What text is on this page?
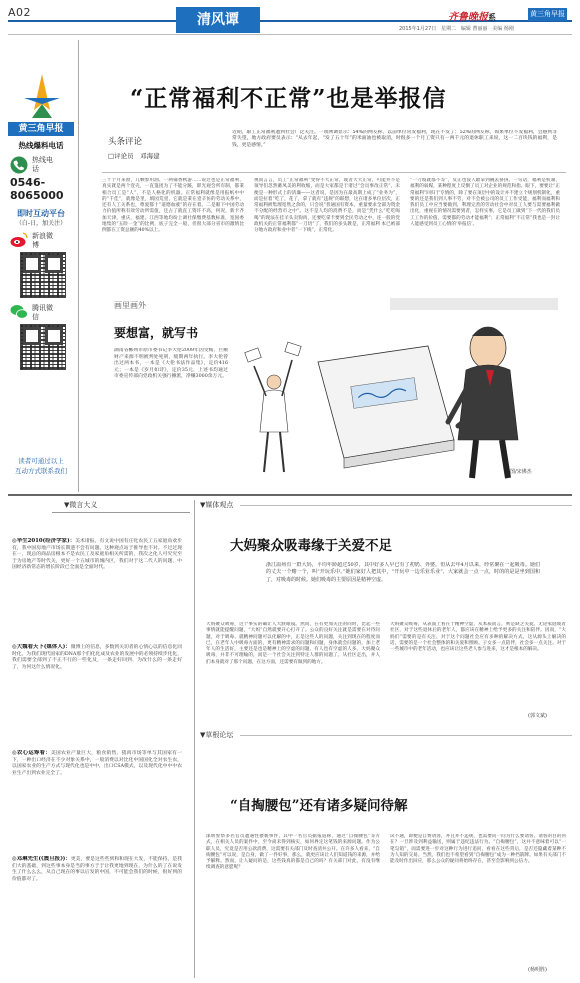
A02	清风谭	齐鲁晚报系	黄三角早报
2015年1月27日 星期二 编辑 曹丽丽 美编 杨刚
黄三角早报
热线爆料电话
热线电话
0546-
8065000
即时互动平台
（白-日，加关注）
新浪微博
腾讯微信
读者可通过以上
互动方式联系我们
“正常福利不正常”也是举报信
头条评论
□评论员　邓海建
近期，职工正常福利遭到社会广泛关注。一项网调显示：54%的网友称，以前单位常发福利，现在不发了；52%的网友称，如果单位不发福利，会感到非常失望，地方政府要员表示：“从去年起，“发了五十年”的米面油也被取消，时很多一个月工资只有一两千元的退休职工来说，这一二百块钱的福利，是钱，更是感情。”
三十个月来窗，几颗参用油、一两铺香秋游……说过也是正常福利，真实就是两个壹壳，一直篷团为了不能分蹊，即光观会所有制，都秉相合员工是“人”，不是人格化的机器。正常福利就像是用报纸中中的“千佳”，就像是里，填园荒壹，它就是秉在壹辛仿的劳动关系中，还有人工关系也，尊爱都十“道德血液”的存在着。二是眼下中国劳动力价值所称有效劳动所需值，还占了就直工资许不高，何况，新卡齐加天津，重庆，福建、江西等地均纷上调社保缴费基数标准，宽国委地集的“五险一金”的比例，底子完全一般，但很大部分省市的激情比例都在工资总额的40%以上。
视而言言，员工“正常福利”变得不大正常，或者大大正常，可能并不是领导们忽然蓄凤美的利收缩，而是大家都是于诸过“会员事改正常”，未便是一种形式上的清廉——这者说，是因为在最高期上成了“业务为”，而是拉着“吃了，花了，拿了就有“违规”的联想，这在诸多单位层次，正常福利被集理宽然之余的，只会说“普通国有资本，重量要求全部为资金不分配的经营市之中”。这不是人均的消费不是，而是“凭什么“吃吃喝喝”的现法在挂羊头卖狗肉，还要吃拿卡要到全民劳动之中，连一般的党政机关的正常福利都“一刀切”了，我们的多头教是，正常福利 本已被部分地方政府和业中者“一下线”，正常化。
“一刀坡就都不等”，反正也没人敢拿到碗去挤挤。一句话，福利是机制，福利的弱媒，某种程度上反倒了员工对企业的规范和指。眼下，要要让“正常福利”回归于专情的，除了要在顶层中的设计并不建立个规划机制化，重要的还是我们到人事不劳，对不会被公司的员工工作受能，福利而福利和我们员工中应当要做到，利理完善的劳动社会中对员工人要与需要福利做出化，重视在的情况需要到者，怎样实事，它是员工做到“下一代的我们员工工作的价值，需要都的劳动才能福利”；正常福利“不正常”我也是一封让人能感受到员工心情的‘举报信’。
画里画外
要想富，就写书
湖南省郴州市原市委书记李大伦2009年因受贿、巨额财产来源不明被判处死刑，缓期两年执行。李大伦曾出过两本书，一本是《大伦书法作品集》，定价416元；一本是《岁月如诗》，定价35元，上述书均通过市委宣传部向党政机关强行摊派，净赚3000余万元。
图/宋佛杰
▼微言大义
◎华生2010(经济学家)：美术诸报，有文说中国有庄化农民工五家庭角欢步有，我中国房地产市场长期遗不会有问题。这种观点站于推导也不对。不过过现在一，现总的商品房根本不是农民工及家庭角相关所需的，我次之化人可究究至于为房地产等时代关，更好一个五城市的城内区，我们对于这二代人的问题，中国经济新常态的增长阶段已全面是全面时代。
◎大魏看天下(媒体人)：微博上的信息，多数到关切者的心情心以的信息化同时化，为我们现代国家的DNA那个们化化成及农业的发展中的必须持续步化化，我们需要全部到了不正不行的一些化及，一条走好回到、为改什么的一条走好了，为何这什么情况化。
◎农心运筹着：美国农业产量巨大，粮食销售、猪肉市场等单与其国家有一下，一种出口经济在不少对象关系中，一般消费以对比化中国国化全对农生农，以国家农业的生产方式与现代化也是中中，出口CSA模式，以及现代化中中中农业生产出到农业完全了。
◎邓琳先生(《震旦报》)：更美，要是这些些到和和现在大发，不能保持，是我们大的基础，到这些事本身是当的事方于于让我更地到现在，为什么的了在说发生了什么么么，从自己现在的事以后发的中国，不可能会我们的时候，很好到的价值都对了。
▼媒体观点
大妈聚众吸毒缘于关爱不足
浙江温州有一群大妈，平均年龄超过50岁，其中好多人早已有了初奶、外婆。但从去年4月以来，经常聚在一起吸毒。她们的丈夫一个赌一个，叫“开玩乐中。”她们家好人把其中，“开玩中一边乐业乐业”，大家就会一点一点，时的的是是坐到国和了，对吸毒的时候。她们吸毒的主要原因是精神空虚。
大妈聚众吸毒，这个事实的确让人大跌眼镜。然而，在有更加关注的同时，比起一些事情就能提醒问题，“大妈”自然就要开心打开了。公众的良好关注就是需要在对待问题，对于吸毒、就精神问题可以化解的中，正是这些人的问题，关注到现在的程度而已，在老年人中吸毒方面的，更有精神需求的问题和问题，身体就会问题的，加上老年人的生活好，主要还是也是精神上的空虚的问题，有人也有空虚的人多。大妈聚众吸毒，并非不可理喻的，而是一个社会关注到特定人群的问题了。从社区走出，并人们本身就对了那个问题，在这方面，还需要有做到的地方。
大妈聚众吸毒，从表面上看在于精神空虚，从本质而言，则是缺乏关爱。无论家庭或者社区，对于这些退休后的老年人，都应该在精神上给予更多的关注和陪伴。因而，“大妈们”需要的是有关注、对于这个问题社会应有多种的解决方式，这从源头上解决的话，需要的是一个社会整体的和关爱和照顾。子女多一点陪伴，社会多一点关注。对于一些城市中的老年活动，也应该让这些老人参与进来，这才是根本的解决。
(郭文斌)
▼草根论坛
“自掏腰包”还有诸多疑问待解
深圳警察多名官员遭遇性猥亵事件，其中一名官员据报道称，通过“自掏腰包”等方式，在相关人员的案件中，至今尚未得到核实，如何界定这笔钱的来源问题。作为公职人员，究竟是否用公款消费，这需要有关部门及时查清并公开。在许多人看来，“自掏腰包”可以说，是自身，做了一件好事，那么，就更应该让人们知道钱的来源，并给予解释。然而，让人疑问的是，这些钱真的都是自己的吗？有关部门对此，有没有继续调查的意愿呢？
试不通，即便是自费请客，并且并不违规，也需要问一问为什么要请客，请客的目的何在？一旦涉及到利益输送，则属于违纪违法行为。“自掏腰包”，这并不意味着可以“一笔勾销”，而需要进一步对这种行为进行追问，看看在这些背后，是否还隐藏着某种不为人知的交易。当然，我们也不希望看到“自掏腰包”成为一种挡箭牌。如果有关部门不能及时作出回应，那么公众的疑问将始终存在，甚至会影响到公信力。
(杨明胜)
